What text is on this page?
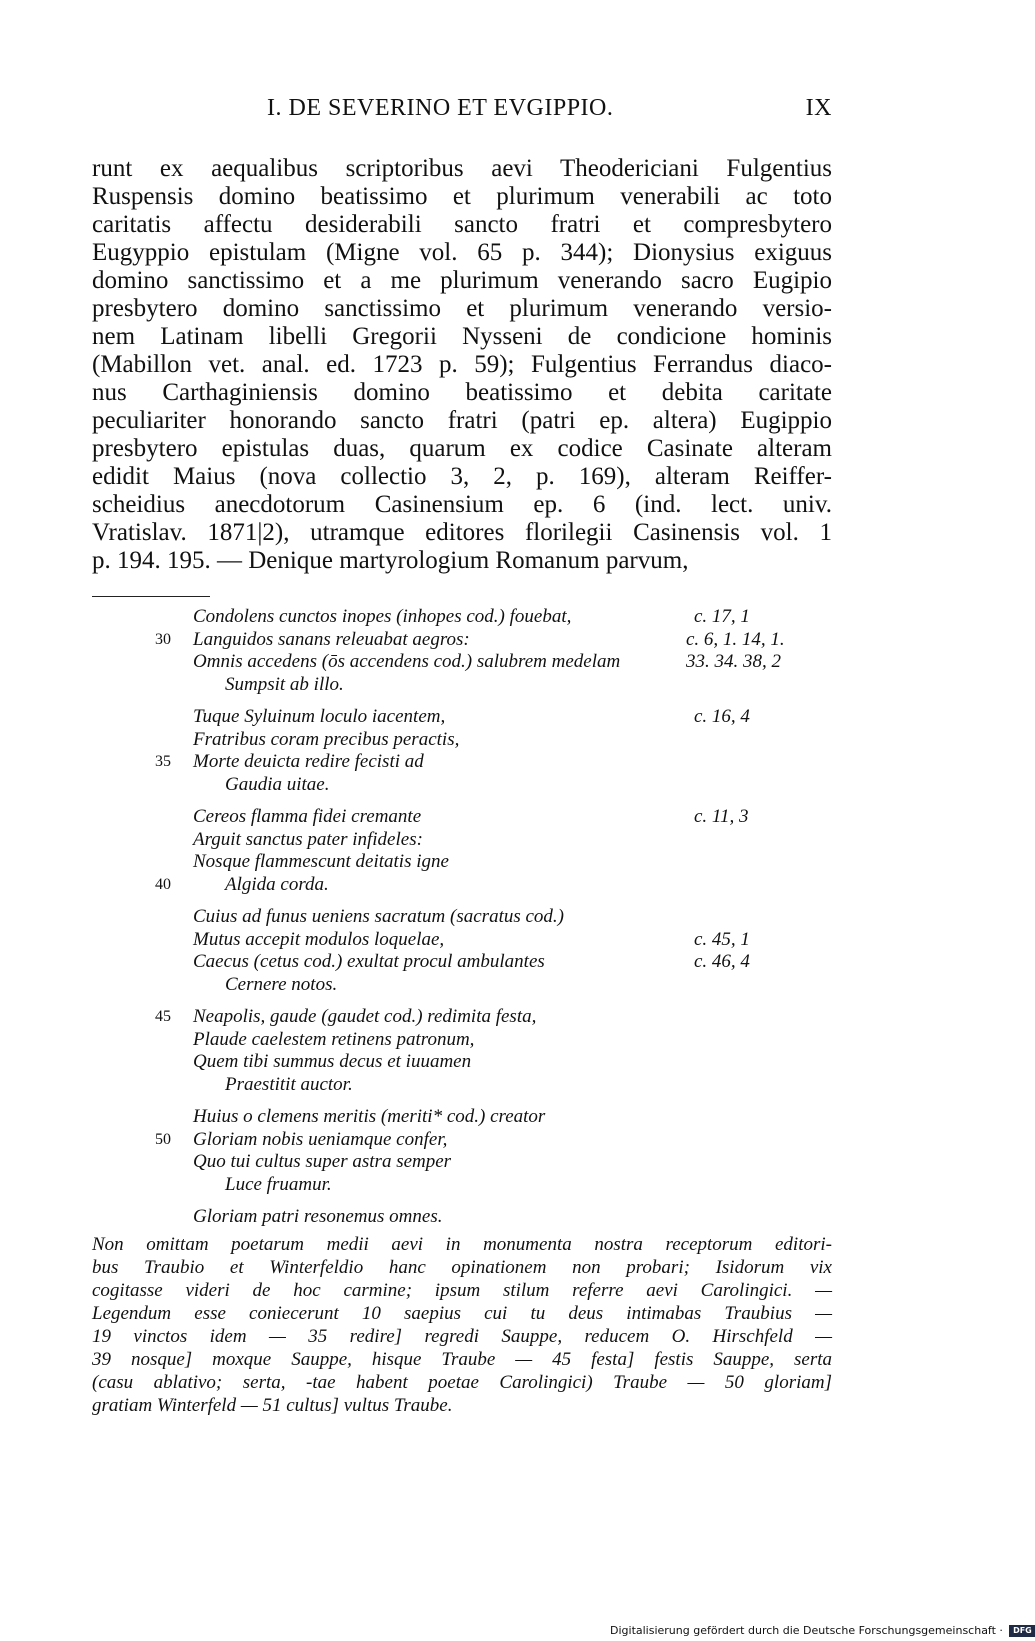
I. DE SEVERINO ET EVGIPPIO.	IX
runt ex aequalibus scriptoribus aevi Theodericiani Fulgentius
Ruspensis domino beatissimo et plurimum venerabili ac toto
caritatis affectu desiderabili sancto fratri et compresbytero
Eugyppio epistulam (Migne vol. 65 p. 344); Dionysius exiguus
domino sanctissimo et a me plurimum venerando sacro Eugipio
presbytero domino sanctissimo et plurimum venerando versio-
nem Latinam libelli Gregorii Nysseni de condicione hominis
(Mabillon vet. anal. ed. 1723 p. 59); Fulgentius Ferrandus diaco-
nus Carthaginiensis domino beatissimo et debita caritate
peculiariter honorando sancto fratri (patri ep. altera) Eugippio
presbytero epistulas duas, quarum ex codice Casinate alteram
edidit Maius (nova collectio 3, 2, p. 169), alteram Reiffer-
scheidius anecdotorum Casinensium ep. 6 (ind. lect. univ.
Vratislav. 1871|2), utramque editores florilegii Casinensis vol. 1
p. 194. 195. — Denique martyrologium Romanum parvum,
Condolens cunctos inopes (inhopes cod.) fouebat,	c. 17, 1
30	Languidos sanans releuabat aegros:	c. 6, 1. 14, 1.
Omnis accedens (ōs accendens cod.) salubrem medelam	33. 34. 38, 2
Sumpsit ab illo.
Tuque Syluinum loculo iacentem,	c. 16, 4
Fratribus coram precibus peractis,
35	Morte deuicta redire fecisti ad
Gaudia uitae.
Cereos flamma fidei cremante	c. 11, 3
Arguit sanctus pater infideles:
Nosque flammescunt deitatis igne
40	Algida corda.
Cuius ad funus ueniens sacratum (sacratus cod.)
Mutus accepit modulos loquelae,	c. 45, 1
Caecus (cetus cod.) exultat procul ambulantes	c. 46, 4
Cernere notos.
45	Neapolis, gaude (gaudet cod.) redimita festa,
Plaude caelestem retinens patronum,
Quem tibi summus decus et iuuamen
Praestitit auctor.
Huius o clemens meritis (meriti* cod.) creator
50	Gloriam nobis ueniamque confer,
Quo tui cultus super astra semper
Luce fruamur.
Gloriam patri resonemus omnes.
Non omittam poetarum medii aevi in monumenta nostra receptorum editori-
bus Traubio et Winterfeldio hanc opinationem non probari; Isidorum vix
cogitasse videri de hoc carmine; ipsum stilum referre aevi Carolingici. —
Legendum esse coniecerunt 10 saepius cui tu deus intimabas Traubius —
19 vinctos idem — 35 redire] regredi Sauppe, reducem O. Hirschfeld —
39 nosque] moxque Sauppe, hisque Traube — 45 festa] festis Sauppe, serta
(casu ablativo; serta, -tae habent poetae Carolingici) Traube — 50 gloriam]
gratiam Winterfeld — 51 cultus] vultus Traube.
Digitalisierung gefördert durch die Deutsche Forschungsgemeinschaft · DFG
